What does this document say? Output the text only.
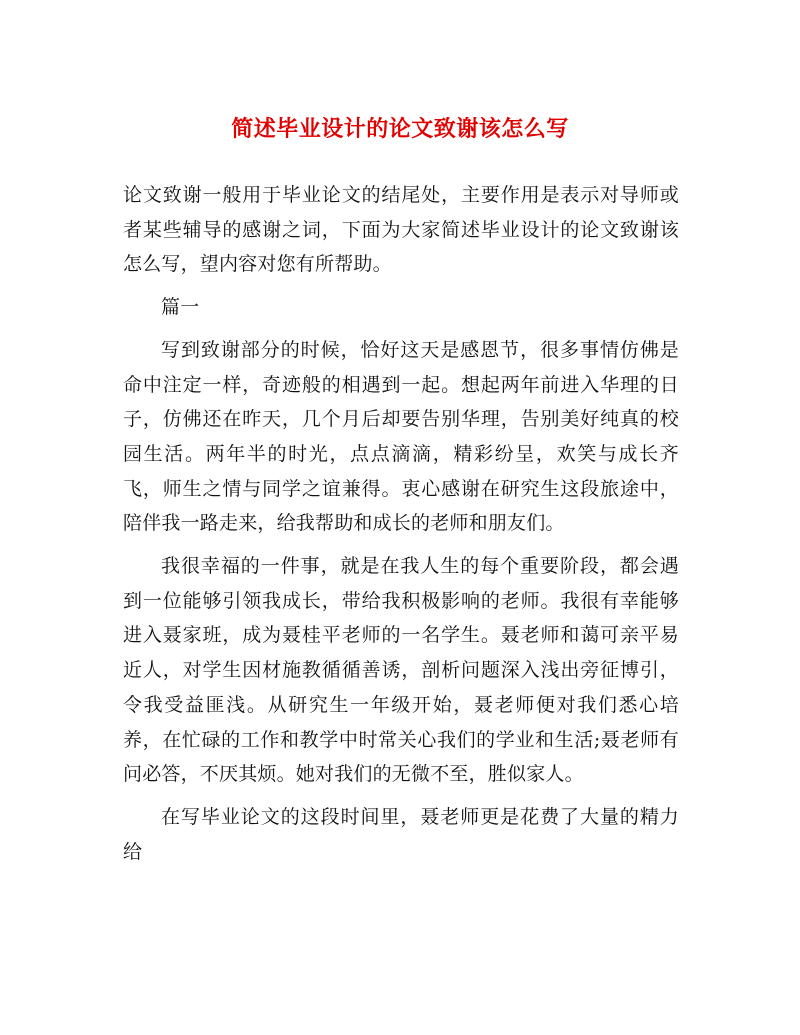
简述毕业设计的论文致谢该怎么写

论文致谢一般用于毕业论文的结尾处，主要作用是表示对导师或者某些辅导的感谢之词，下面为大家简述毕业设计的论文致谢该怎么写，望内容对您有所帮助。

篇一

写到致谢部分的时候，恰好这天是感恩节，很多事情仿佛是命中注定一样，奇迹般的相遇到一起。想起两年前进入华理的日子，仿佛还在昨天，几个月后却要告别华理，告别美好纯真的校园生活。两年半的时光，点点滴滴，精彩纷呈，欢笑与成长齐飞，师生之情与同学之谊兼得。衷心感谢在研究生这段旅途中，陪伴我一路走来，给我帮助和成长的老师和朋友们。

我很幸福的一件事，就是在我人生的每个重要阶段，都会遇到一位能够引领我成长，带给我积极影响的老师。我很有幸能够进入聂家班，成为聂桂平老师的一名学生。聂老师和蔼可亲平易近人，对学生因材施教循循善诱，剖析问题深入浅出旁征博引，令我受益匪浅。从研究生一年级开始，聂老师便对我们悉心培养，在忙碌的工作和教学中时常关心我们的学业和生活;聂老师有问必答，不厌其烦。她对我们的无微不至，胜似家人。

在写毕业论文的这段时间里，聂老师更是花费了大量的精力给
